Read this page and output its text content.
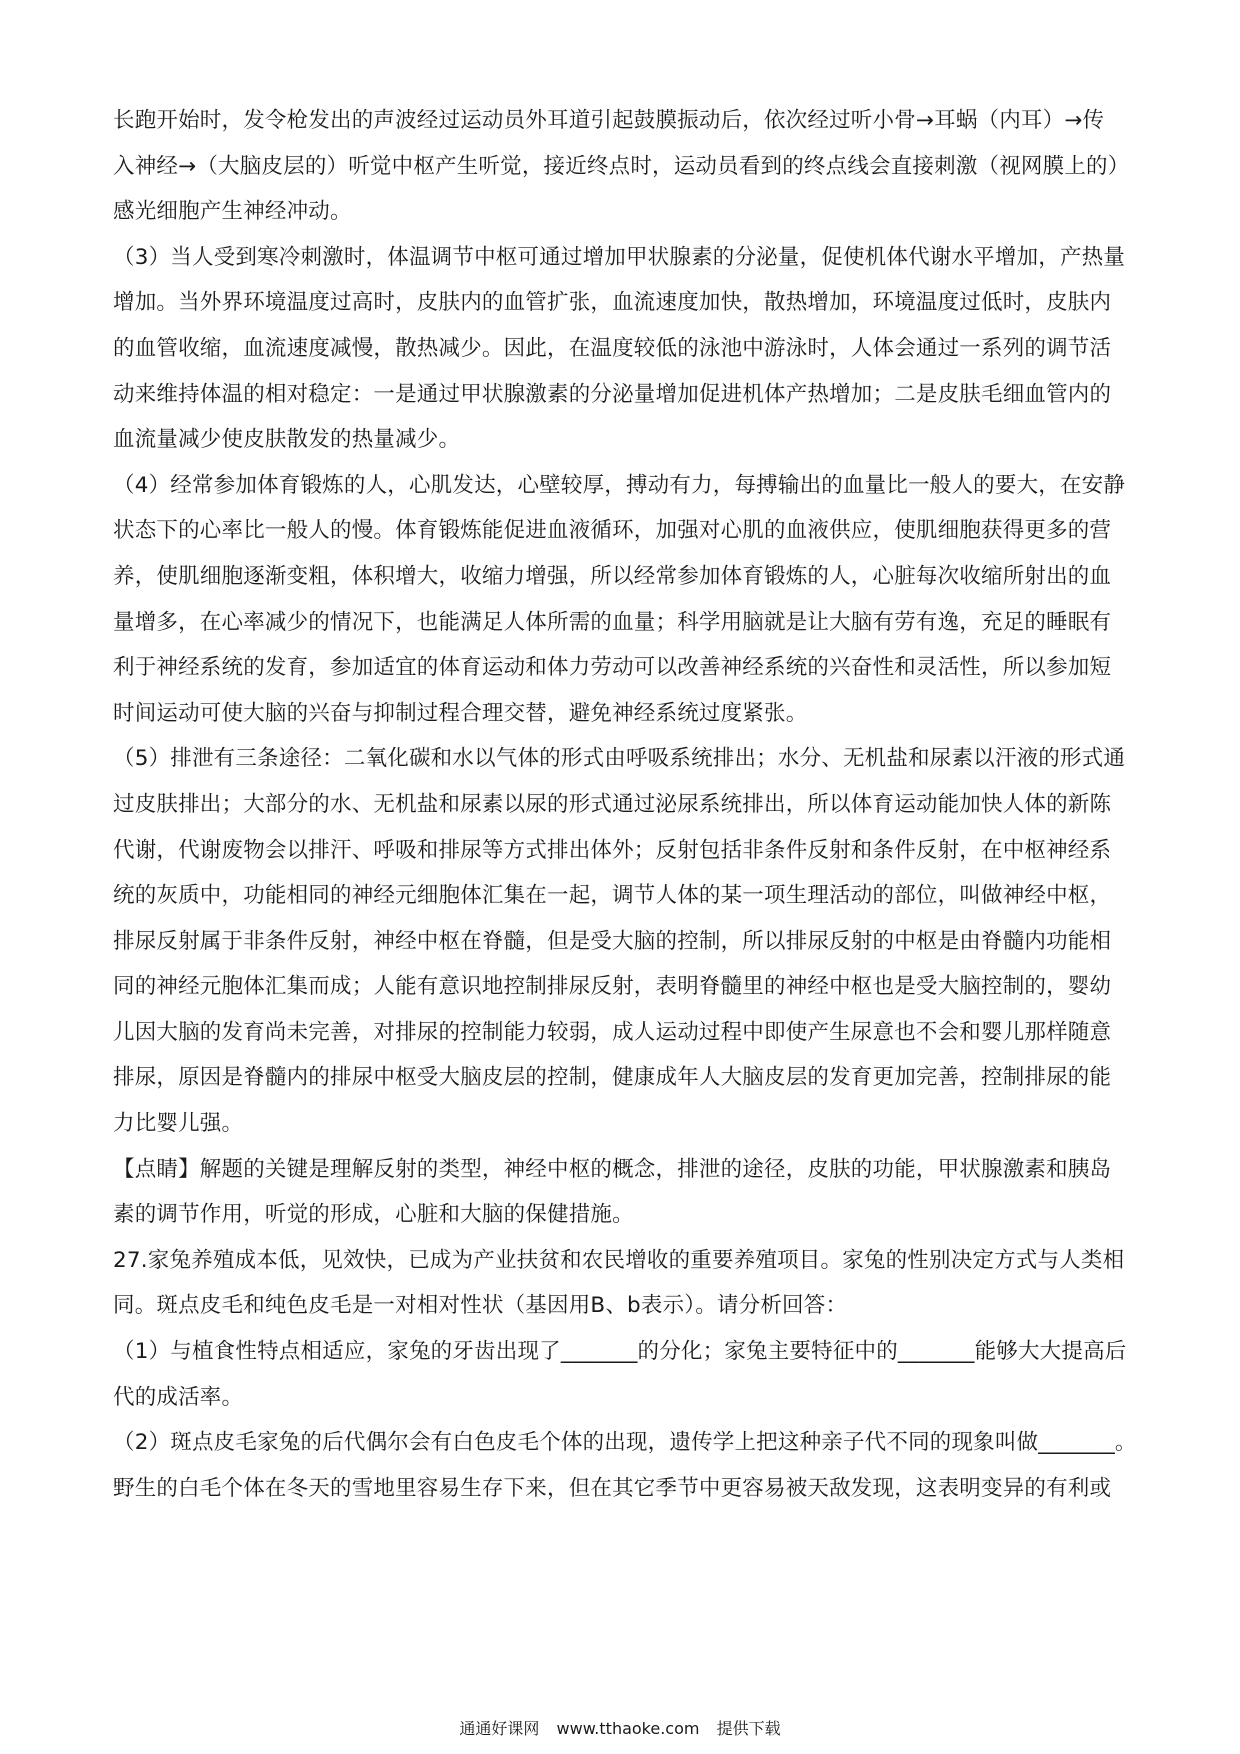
长跑开始时，发令枪发出的声波经过运动员外耳道引起鼓膜振动后，依次经过听小骨→耳蜗（内耳）→传
入神经→（大脑皮层的）听觉中枢产生听觉，接近终点时，运动员看到的终点线会直接刺激（视网膜上的）
感光细胞产生神经冲动。
（3）当人受到寒冷刺激时，体温调节中枢可通过增加甲状腺素的分泌量，促使机体代谢水平增加，产热量
增加。当外界环境温度过高时，皮肤内的血管扩张，血流速度加快，散热增加，环境温度过低时，皮肤内
的血管收缩，血流速度减慢，散热减少。因此，在温度较低的泳池中游泳时，人体会通过一系列的调节活
动来维持体温的相对稳定：一是通过甲状腺激素的分泌量增加促进机体产热增加；二是皮肤毛细血管内的
血流量减少使皮肤散发的热量减少。
（4）经常参加体育锻炼的人，心肌发达，心壁较厚，搏动有力，每搏输出的血量比一般人的要大，在安静
状态下的心率比一般人的慢。体育锻炼能促进血液循环，加强对心肌的血液供应，使肌细胞获得更多的营
养，使肌细胞逐渐变粗，体积增大，收缩力增强，所以经常参加体育锻炼的人，心脏每次收缩所射出的血
量增多，在心率减少的情况下，也能满足人体所需的血量；科学用脑就是让大脑有劳有逸，充足的睡眠有
利于神经系统的发育，参加适宜的体育运动和体力劳动可以改善神经系统的兴奋性和灵活性，所以参加短
时间运动可使大脑的兴奋与抑制过程合理交替，避免神经系统过度紧张。
（5）排泄有三条途径：二氧化碳和水以气体的形式由呼吸系统排出；水分、无机盐和尿素以汗液的形式通
过皮肤排出；大部分的水、无机盐和尿素以尿的形式通过泌尿系统排出，所以体育运动能加快人体的新陈
代谢，代谢废物会以排汗、呼吸和排尿等方式排出体外；反射包括非条件反射和条件反射，在中枢神经系
统的灰质中，功能相同的神经元细胞体汇集在一起，调节人体的某一项生理活动的部位，叫做神经中枢，
排尿反射属于非条件反射，神经中枢在脊髓，但是受大脑的控制，所以排尿反射的中枢是由脊髓内功能相
同的神经元胞体汇集而成；人能有意识地控制排尿反射，表明脊髓里的神经中枢也是受大脑控制的，婴幼
儿因大脑的发育尚未完善，对排尿的控制能力较弱，成人运动过程中即使产生尿意也不会和婴儿那样随意
排尿，原因是脊髓内的排尿中枢受大脑皮层的控制，健康成年人大脑皮层的发育更加完善，控制排尿的能
力比婴儿强。
【点睛】解题的关键是理解反射的类型，神经中枢的概念，排泄的途径，皮肤的功能，甲状腺激素和胰岛
素的调节作用，听觉的形成，心脏和大脑的保健措施。
27.家兔养殖成本低，见效快，已成为产业扶贫和农民增收的重要养殖项目。家兔的性别决定方式与人类相
同。斑点皮毛和纯色皮毛是一对相对性状（基因用B、b表示）。请分析回答：
（1）与植食性特点相适应，家兔的牙齿出现了_______的分化；家兔主要特征中的_______能够大大提高后
代的成活率。
（2）斑点皮毛家兔的后代偶尔会有白色皮毛个体的出现，遗传学上把这种亲子代不同的现象叫做_______。
野生的白毛个体在冬天的雪地里容易生存下来，但在其它季节中更容易被天敌发现，这表明变异的有利或
通通好课网 www.tthaoke.com 提供下载
